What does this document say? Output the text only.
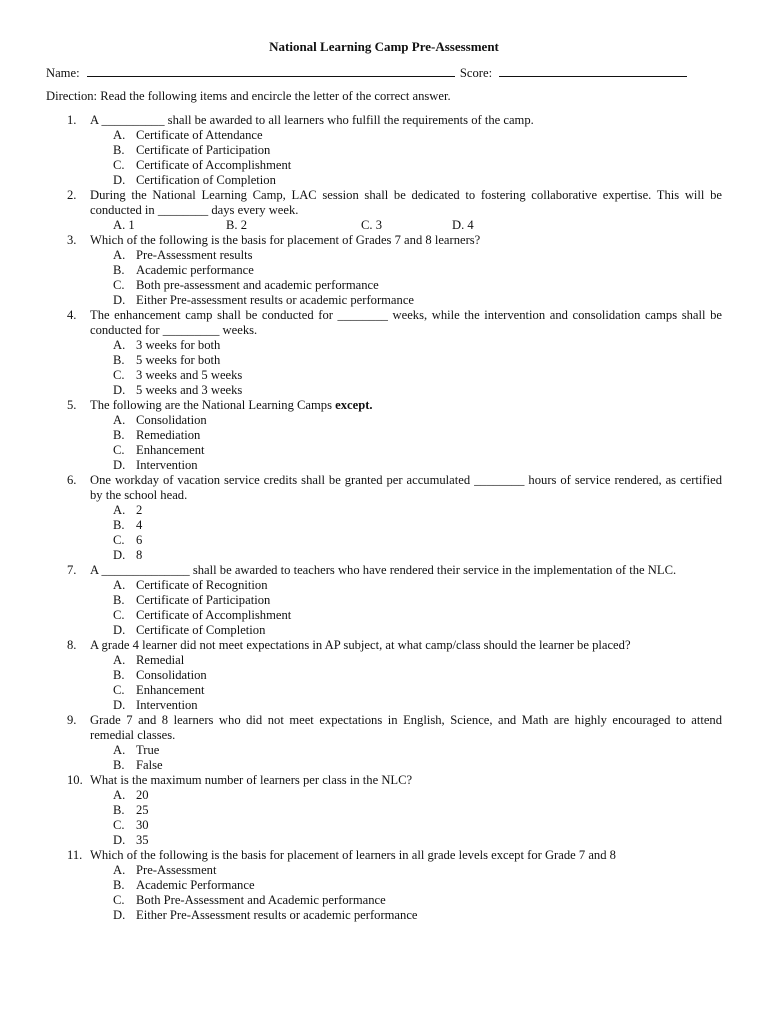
National Learning Camp Pre-Assessment
Name:	Score:
Direction: Read the following items and encircle the letter of the correct answer.
1.	A __________ shall be awarded to all learners who fulfill the requirements of the camp.
A. Certificate of Attendance
B. Certificate of Participation
C. Certificate of Accomplishment
D. Certification of Completion
2.	During the National Learning Camp, LAC session shall be dedicated to fostering collaborative expertise. This will be conducted in ________ days every week.
A. 1	B. 2	C. 3	D. 4
3.	Which of the following is the basis for placement of Grades 7 and 8 learners?
A. Pre-Assessment results
B. Academic performance
C. Both pre-assessment and academic performance
D. Either Pre-assessment results or academic performance
4.	The enhancement camp shall be conducted for ________ weeks, while the intervention and consolidation camps shall be conducted for _________ weeks.
A. 3 weeks for both
B. 5 weeks for both
C. 3 weeks and 5 weeks
D. 5 weeks and 3 weeks
5.	The following are the National Learning Camps except.
A. Consolidation
B. Remediation
C. Enhancement
D. Intervention
6.	One workday of vacation service credits shall be granted per accumulated ________ hours of service rendered, as certified by the school head.
A. 2
B. 4
C. 6
D. 8
7.	A ______________ shall be awarded to teachers who have rendered their service in the implementation of the NLC.
A. Certificate of Recognition
B. Certificate of Participation
C. Certificate of Accomplishment
D. Certificate of Completion
8.	A grade 4 learner did not meet expectations in AP subject, at what camp/class should the learner be placed?
A. Remedial
B. Consolidation
C. Enhancement
D. Intervention
9.	Grade 7 and 8 learners who did not meet expectations in English, Science, and Math are highly encouraged to attend remedial classes.
A. True
B. False
10. What is the maximum number of learners per class in the NLC?
A. 20
B. 25
C. 30
D. 35
11. Which of the following is the basis for placement of learners in all grade levels except for Grade 7 and 8
A. Pre-Assessment
B. Academic Performance
C. Both Pre-Assessment and Academic performance
D. Either Pre-Assessment results or academic performance
